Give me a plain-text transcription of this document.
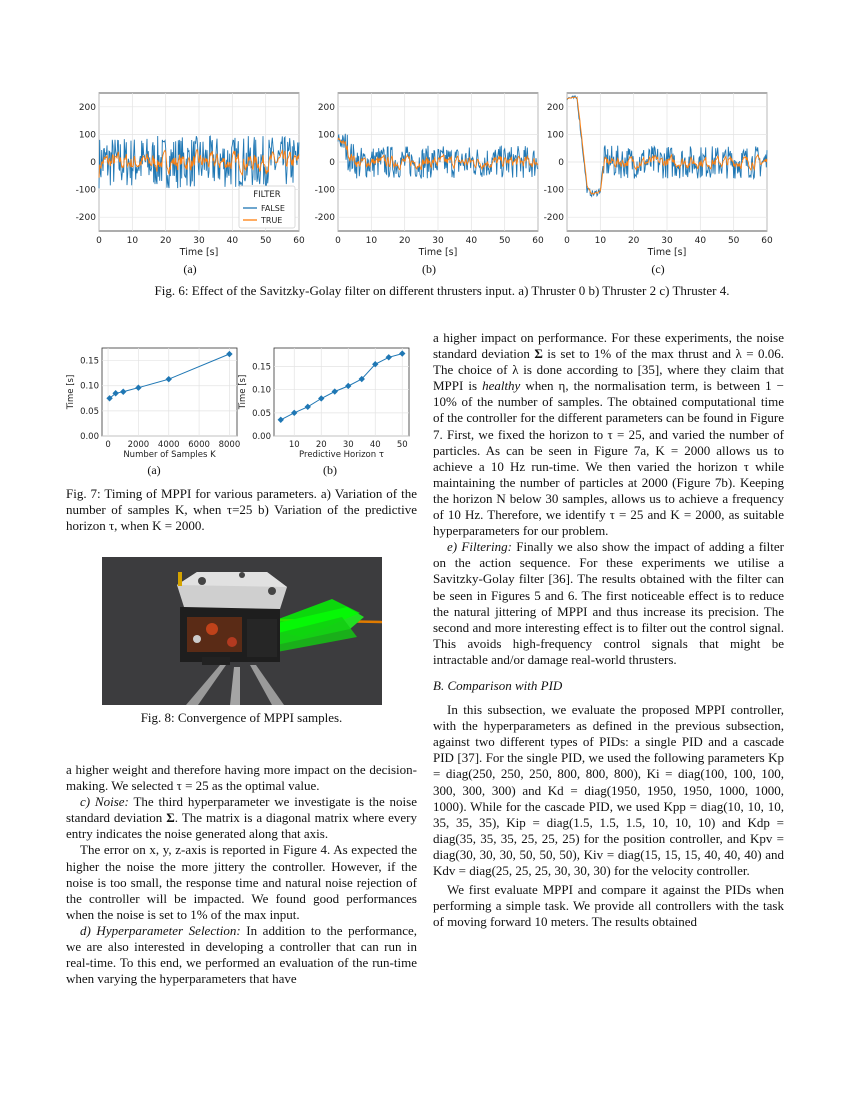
0	10 20 30 40 50 60
-200
-100
0
100
200
Time [s]
FILTER
FALSE
TRUE
0	10 20 30 40 50 60
-200
-100
0
100
200
Time [s]
0	10 20 30 40 50 60
-200
-100
0
100
200
Time [s]
(a)	(b)	(c)
Fig. 6: Effect of the Savitzky-Golay filter on different thrusters input. a) Thruster 0 b) Thruster 2 c) Thruster 4.
0 2000 4000 6000 8000
0.00
0.05
0.10
0.15
Number of Samples K
Time [s]
10 20 30 40 50
0.00
0.05
0.10
0.15
Predictive Horizon τ
Time [s]
(a)	(b)
Fig. 7: Timing of MPPI for various parameters. a) Variation of the number of samples K, when τ=25 b) Variation of the predictive horizon τ, when K = 2000.
Fig. 8: Convergence of MPPI samples.

a higher weight and therefore having more impact on the decision-making. We selected τ = 25 as the optimal value.

c) Noise: The third hyperparameter we investigate is the noise standard deviation Σ. The matrix is a diagonal matrix where every entry indicates the noise generated along that axis.

The error on x, y, z-axis is reported in Figure 4. As expected the higher the noise the more jittery the controller. However, if the noise is too small, the response time and natural noise rejection of the controller will be impacted. We found good performances when the noise is set to 1% of the max input.

d) Hyperparameter Selection: In addition to the performance, we are also interested in developing a controller that can run in real-time. To this end, we performed an evaluation of the run-time when varying the hyperparameters that have

a higher impact on performance. For these experiments, the noise standard deviation Σ is set to 1% of the max thrust and λ = 0.06. The choice of λ is done according to [35], where they claim that MPPI is healthy when η, the normalisation term, is between 1 − 10% of the number of samples. The obtained computational time of the controller for the different parameters can be found in Figure 7. First, we fixed the horizon to τ = 25, and varied the number of particles. As can be seen in Figure 7a, K = 2000 allows us to achieve a 10 Hz run-time. We then varied the horizon τ while maintaining the number of particles at 2000 (Figure 7b). Keeping the horizon N below 30 samples, allows us to achieve a frequency of 10 Hz. Therefore, we identify τ = 25 and K = 2000, as suitable hyperparameters for our problem.

e) Filtering: Finally we also show the impact of adding a filter on the action sequence. For these experiments we utilise a Savitzky-Golay filter [36]. The results obtained with the filter can be seen in Figures 5 and 6. The first noticeable effect is to reduce the natural jittering of MPPI and thus increase its precision. The second and more interesting effect is to filter out the control signal. This avoids high-frequency control signals that might be intractable and/or damage real-world thrusters.

B. Comparison with PID

In this subsection, we evaluate the proposed MPPI controller, with the hyperparameters as defined in the previous subsection, against two different types of PIDs: a single PID and a cascade PID [37]. For the single PID, we used the following parameters Kp = diag(250, 250, 250, 800, 800, 800), Ki = diag(100, 100, 100, 300, 300, 300) and Kd = diag(1950, 1950, 1950, 1000, 1000, 1000). While for the cascade PID, we used Kpp = diag(10, 10, 10, 35, 35, 35), Kip = diag(1.5, 1.5, 1.5, 10, 10, 10) and Kdp = diag(35, 35, 35, 25, 25, 25) for the position controller, and Kpv = diag(30, 30, 30, 50, 50, 50), Kiv = diag(15, 15, 15, 40, 40, 40) and Kdv = diag(25, 25, 25, 30, 30, 30) for the velocity controller.

We first evaluate MPPI and compare it against the PIDs when performing a simple task. We provide all controllers with the task of moving forward 10 meters. The results obtained
